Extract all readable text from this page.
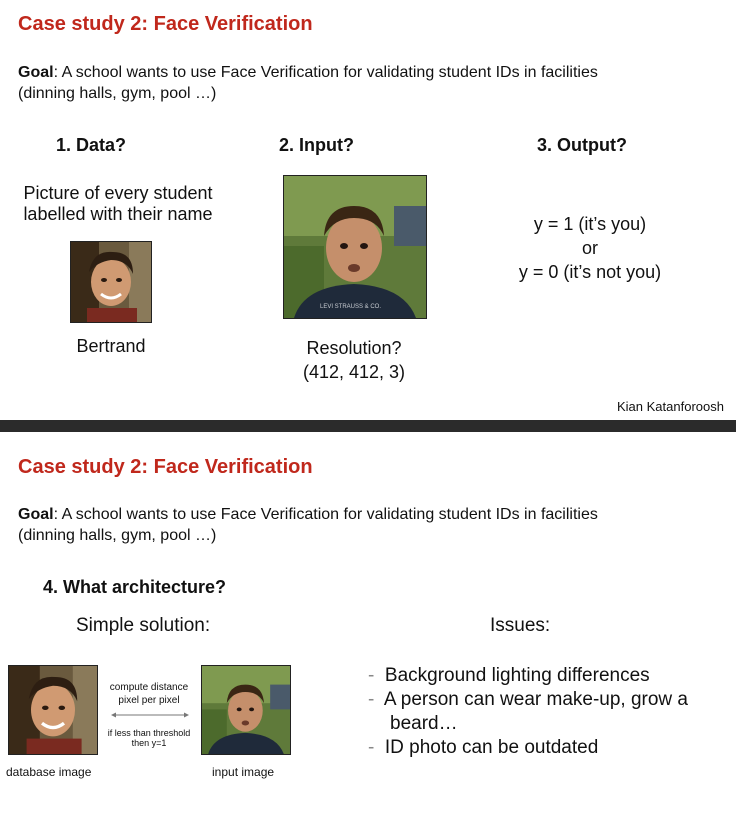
Case study 2: Face Verification
Goal: A school wants to use Face Verification for validating student IDs in facilities
(dinning halls, gym, pool …)
1. Data?
Picture of every student
labelled with their name
Bertrand
2. Input?
LEVI STRAUSS & CO.
Resolution?
(412, 412, 3)
3. Output?
y = 1 (it’s you)
or
y = 0 (it’s not you)
Kian Katanforoosh
Case study 2: Face Verification
Goal: A school wants to use Face Verification for validating student IDs in facilities
(dinning halls, gym, pool …)
4. What architecture?
Simple solution:	Issues:
database image
compute distance
pixel per pixel
if less than threshold
then y=1
input image
-  Background lighting differences
-  A person can wear make-up, grow a
beard…
-  ID photo can be outdated
